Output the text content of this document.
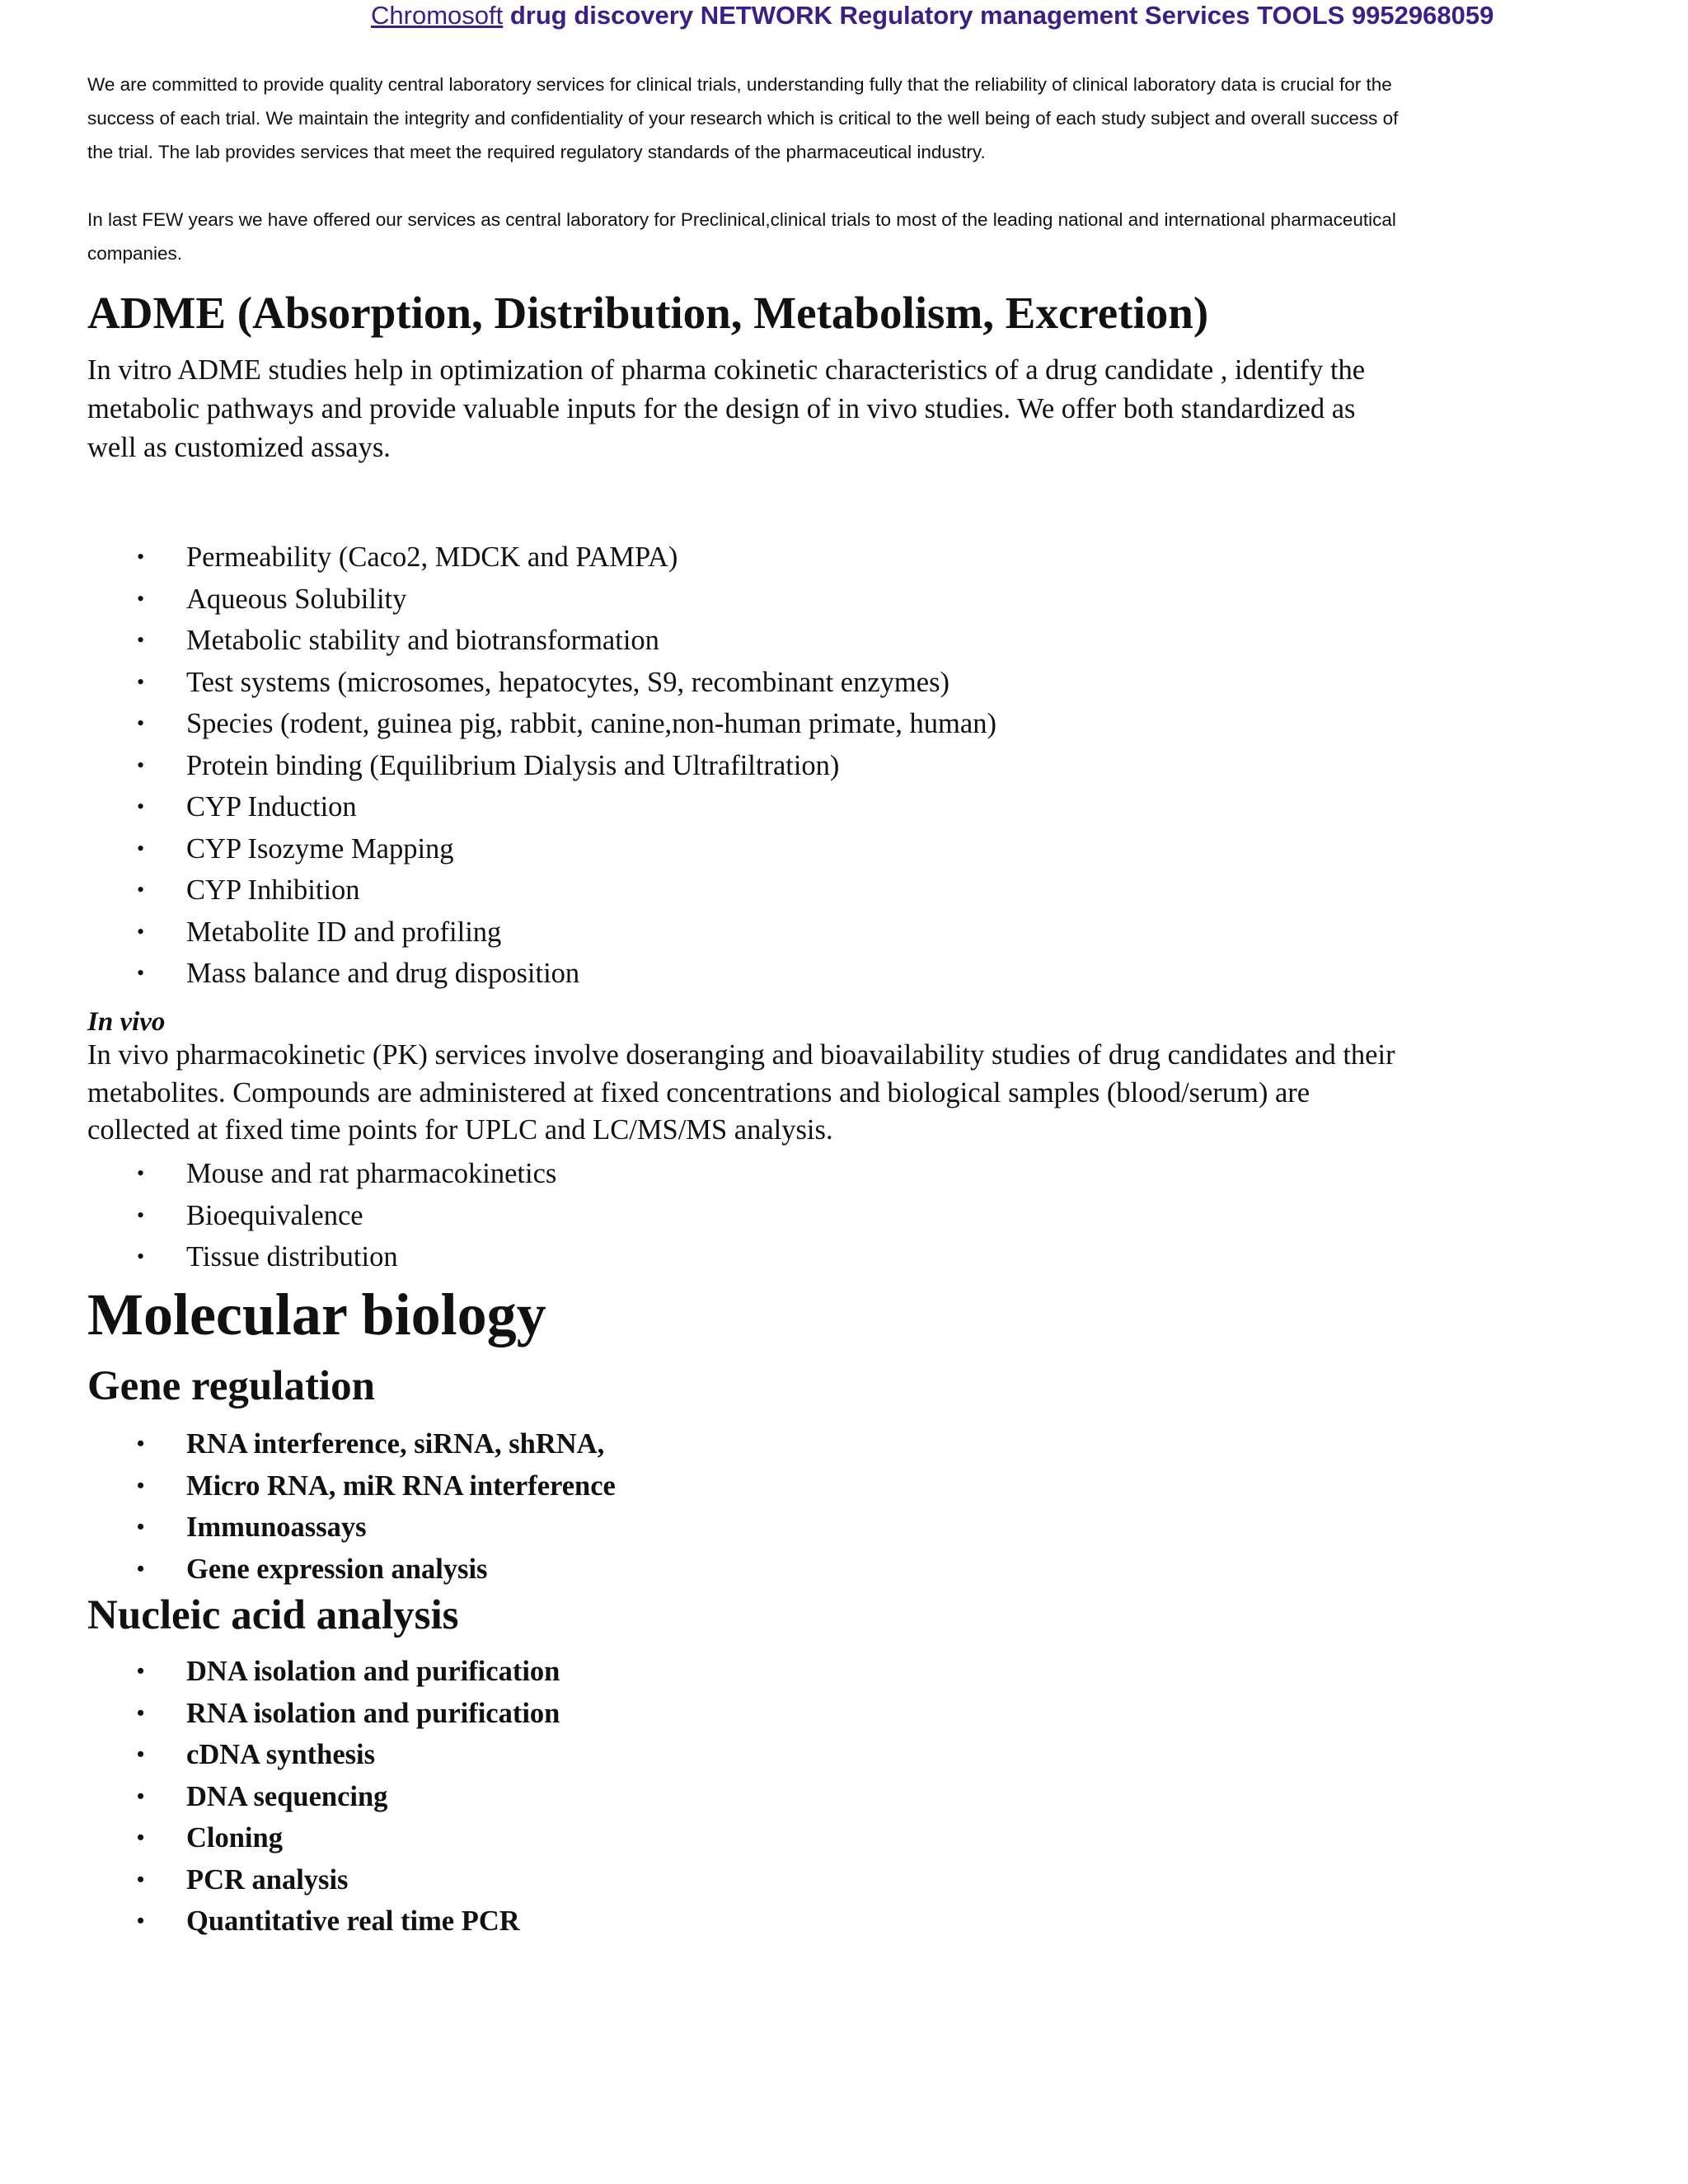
Chromosoft drug discovery NETWORK Regulatory management Services TOOLS 9952968059

We are committed to provide quality central laboratory services for clinical trials, understanding fully that the reliability of clinical laboratory data is crucial for the success of each trial. We maintain the integrity and confidentiality of your research which is critical to the well being of each study subject and overall success of the trial. The lab provides services that meet the required regulatory standards of the pharmaceutical industry.

In last FEW years we have offered our services as central laboratory for Preclinical,clinical trials to most of the leading national and international pharmaceutical companies.

ADME (Absorption, Distribution, Metabolism, Excretion)

In vitro ADME studies help in optimization of pharma cokinetic characteristics of a drug candidate , identify the metabolic pathways and provide valuable inputs for the design of in vivo studies. We offer both standardized as well as customized assays.

• Permeability (Caco2, MDCK and PAMPA)
• Aqueous Solubility
• Metabolic stability and biotransformation
• Test systems (microsomes, hepatocytes, S9, recombinant enzymes)
• Species (rodent, guinea pig, rabbit, canine,non-human primate, human)
• Protein binding (Equilibrium Dialysis and Ultrafiltration)
• CYP Induction
• CYP Isozyme Mapping
• CYP Inhibition
• Metabolite ID and profiling
• Mass balance and drug disposition

In vivo

In vivo pharmacokinetic (PK) services involve doseranging and bioavailability studies of drug candidates and their metabolites. Compounds are administered at fixed concentrations and biological samples (blood/serum) are collected at fixed time points for UPLC and LC/MS/MS analysis.

• Mouse and rat pharmacokinetics
• Bioequivalence
• Tissue distribution
Molecular biology
Gene regulation
• RNA interference, siRNA, shRNA,
• Micro RNA, miR RNA interference
• Immunoassays
• Gene expression analysis
Nucleic acid analysis
• DNA isolation and purification
• RNA isolation and purification
• cDNA synthesis
• DNA sequencing
• Cloning
• PCR analysis
• Quantitative real time PCR
